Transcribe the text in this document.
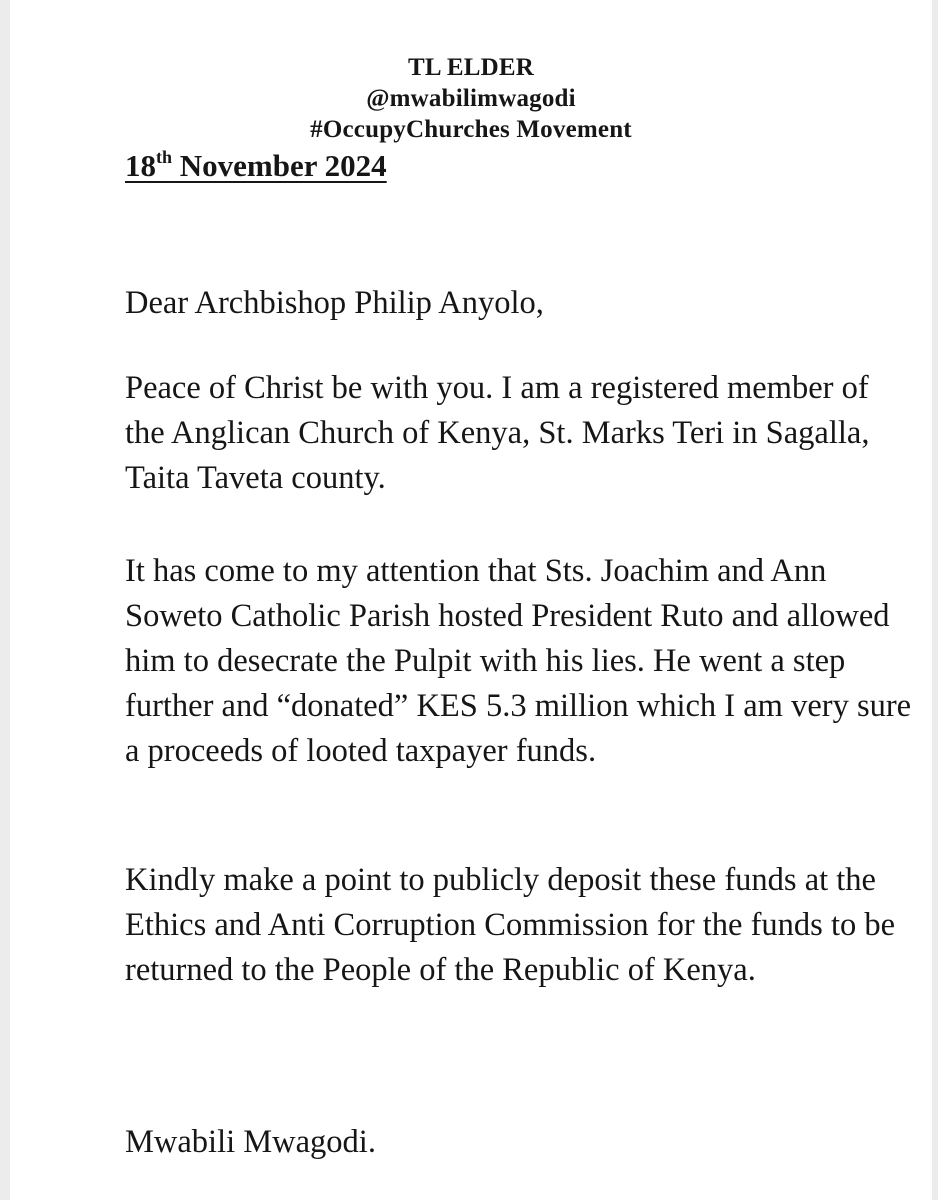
TL ELDER
@mwabilimwagodi
#OccupyChurches Movement
18th November 2024

Dear Archbishop Philip Anyolo,

Peace of Christ be with you. I am a registered member of the Anglican Church of Kenya, St. Marks Teri in Sagalla, Taita Taveta county.

It has come to my attention that Sts. Joachim and Ann Soweto Catholic Parish hosted President Ruto and allowed him to desecrate the Pulpit with his lies. He went a step further and “donated” KES 5.3 million which I am very sure a proceeds of looted taxpayer funds.

Kindly make a point to publicly deposit these funds at the Ethics and Anti Corruption Commission for the funds to be returned to the People of the Republic of Kenya.

Mwabili Mwagodi.
